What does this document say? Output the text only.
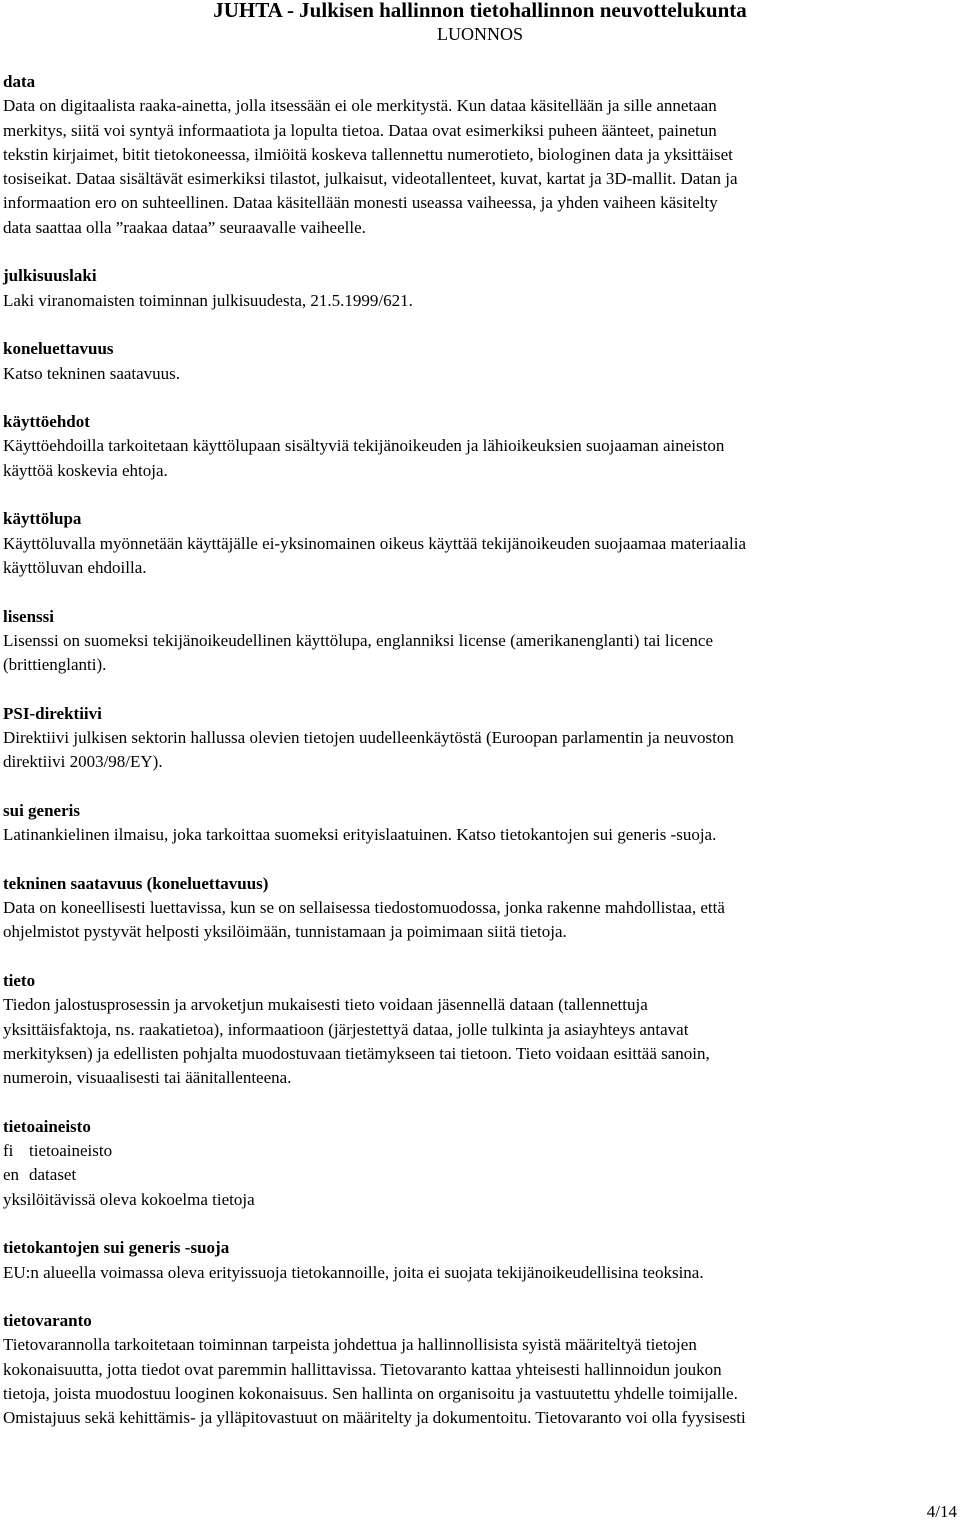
JUHTA - Julkisen hallinnon tietohallinnon neuvottelukunta
LUONNOS
data
Data on digitaalista raaka-ainetta, jolla itsessään ei ole merkitystä. Kun dataa käsitellään ja sille annetaan
merkitys, siitä voi syntyä informaatiota ja lopulta tietoa. Dataa ovat esimerkiksi puheen äänteet, painetun
tekstin kirjaimet, bitit tietokoneessa, ilmiöitä koskeva tallennettu numerotieto, biologinen data ja yksittäiset
tosiseikat. Dataa sisältävät esimerkiksi tilastot, julkaisut, videotallenteet, kuvat, kartat ja 3D-mallit. Datan ja
informaation ero on suhteellinen. Dataa käsitellään monesti useassa vaiheessa, ja yhden vaiheen käsitelty
data saattaa olla ”raakaa dataa” seuraavalle vaiheelle.
julkisuuslaki
Laki viranomaisten toiminnan julkisuudesta, 21.5.1999/621.
koneluettavuus
Katso tekninen saatavuus.
käyttöehdot
Käyttöehdoilla tarkoitetaan käyttölupaan sisältyviä tekijänoikeuden ja lähioikeuksien suojaaman aineiston
käyttöä koskevia ehtoja.
käyttölupa
Käyttöluvalla myönnetään käyttäjälle ei-yksinomainen oikeus käyttää tekijänoikeuden suojaamaa materiaalia
käyttöluvan ehdoilla.
lisenssi
Lisenssi on suomeksi tekijänoikeudellinen käyttölupa, englanniksi license (amerikanenglanti) tai licence
(brittienglanti).
PSI-direktiivi
Direktiivi julkisen sektorin hallussa olevien tietojen uudelleenkäytöstä (Euroopan parlamentin ja neuvoston
direktiivi 2003/98/EY).
sui generis
Latinankielinen ilmaisu, joka tarkoittaa suomeksi erityislaatuinen. Katso tietokantojen sui generis -suoja.
tekninen saatavuus (koneluettavuus)
Data on koneellisesti luettavissa, kun se on sellaisessa tiedostomuodossa, jonka rakenne mahdollistaa, että
ohjelmistot pystyvät helposti yksilöimään, tunnistamaan ja poimimaan siitä tietoja.
tieto
Tiedon jalostusprosessin ja arvoketjun mukaisesti tieto voidaan jäsennellä dataan (tallennettuja
yksittäisfaktoja, ns. raakatietoa), informaatioon (järjestettyä dataa, jolle tulkinta ja asiayhteys antavat
merkityksen) ja edellisten pohjalta muodostuvaan tietämykseen tai tietoon. Tieto voidaan esittää sanoin,
numeroin, visuaalisesti tai äänitallenteena.
tietoaineisto
fi tietoaineisto
en dataset
yksilöitävissä oleva kokoelma tietoja
tietokantojen sui generis -suoja
EU:n alueella voimassa oleva erityissuoja tietokannoille, joita ei suojata tekijänoikeudellisina teoksina.
tietovaranto
Tietovarannolla tarkoitetaan toiminnan tarpeista johdettua ja hallinnollisista syistä määriteltyä tietojen
kokonaisuutta, jotta tiedot ovat paremmin hallittavissa. Tietovaranto kattaa yhteisesti hallinnoidun joukon
tietoja, joista muodostuu looginen kokonaisuus. Sen hallinta on organisoitu ja vastuutettu yhdelle toimijalle.
Omistajuus sekä kehittämis- ja ylläpitovastuut on määritelty ja dokumentoitu. Tietovaranto voi olla fyysisesti
4/14
